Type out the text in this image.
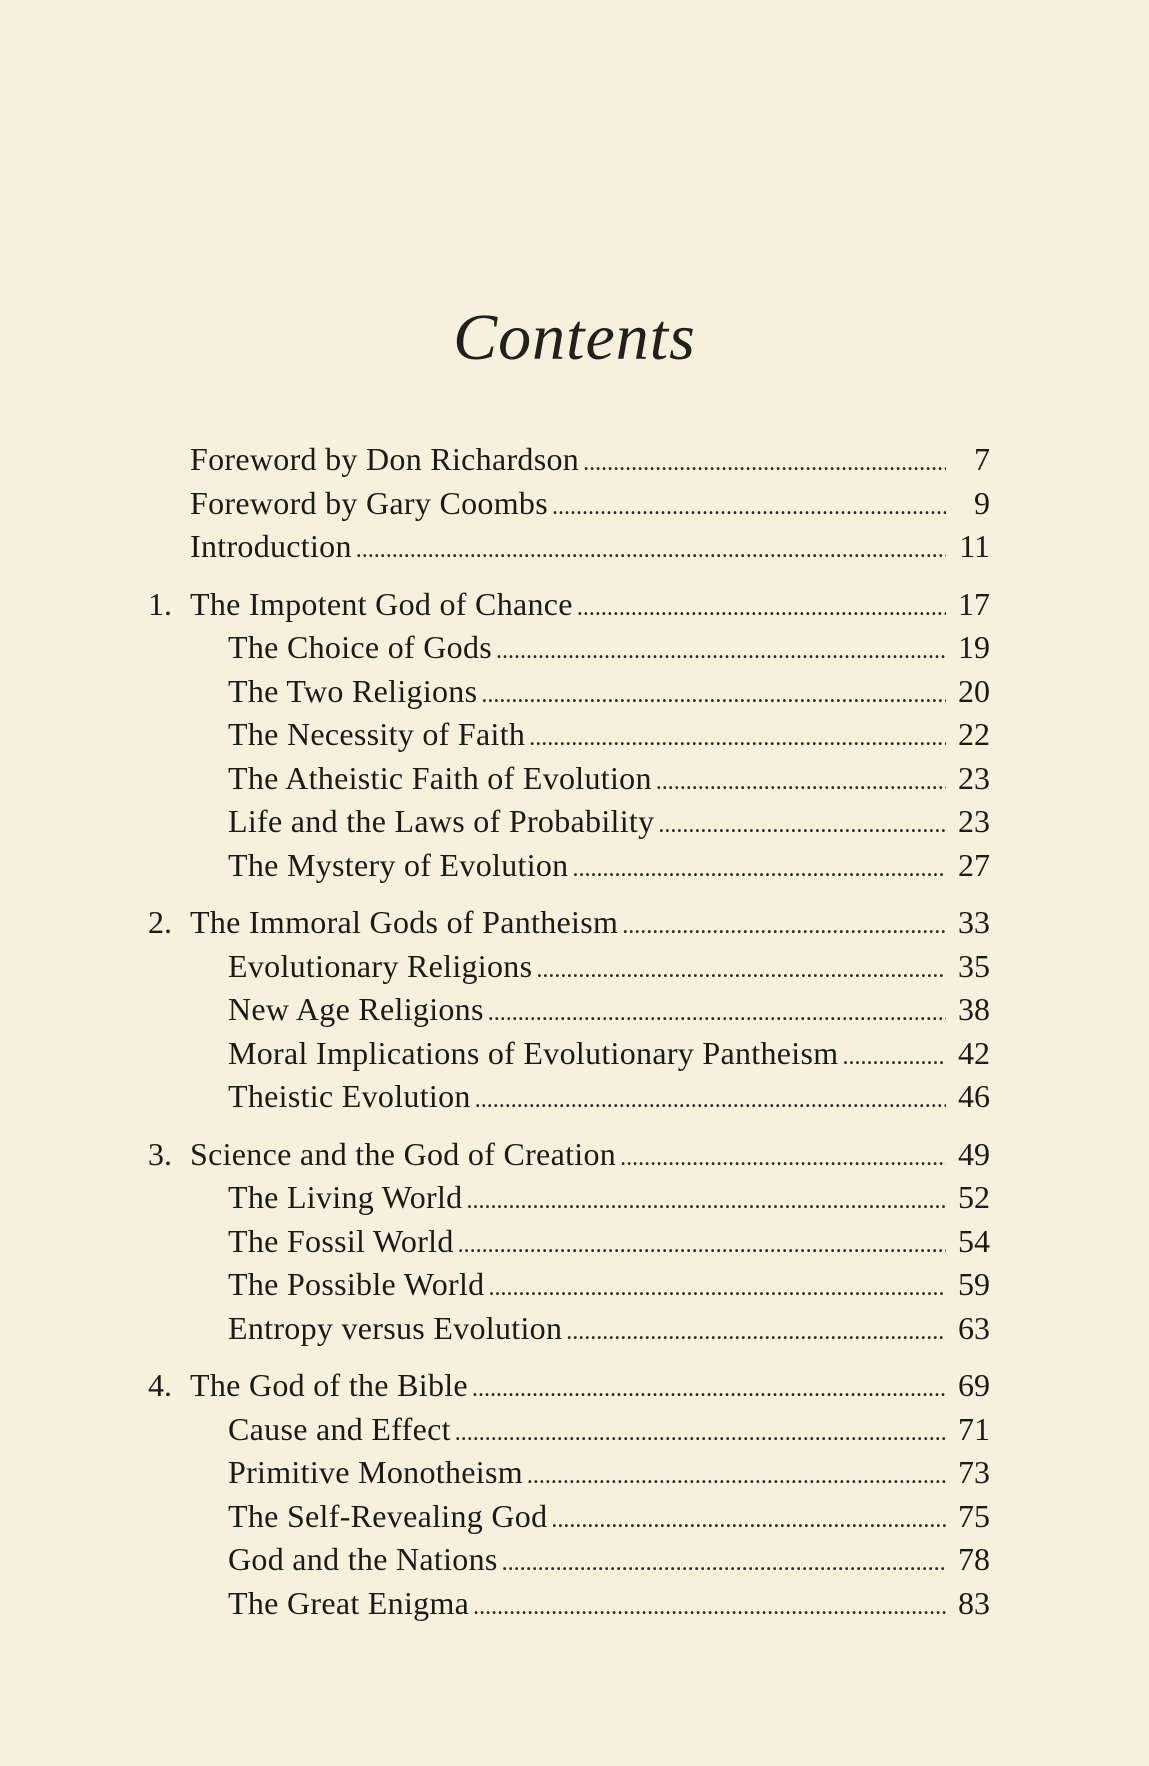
Contents
Foreword by Don Richardson . . .	7
Foreword by Gary Coombs . . .	9
Introduction . . .	11
1. The Impotent God of Chance . . .	17
The Choice of Gods . . .	19
The Two Religions . . .	20
The Necessity of Faith . . .	22
The Atheistic Faith of Evolution . . .	23
Life and the Laws of Probability . . .	23
The Mystery of Evolution . . .	27
2. The Immoral Gods of Pantheism . . .	33
Evolutionary Religions . . .	35
New Age Religions . . .	38
Moral Implications of Evolutionary Pantheism . . .	42
Theistic Evolution . . .	46
3. Science and the God of Creation . . .	49
The Living World . . .	52
The Fossil World . . .	54
The Possible World . . .	59
Entropy versus Evolution . . .	63
4. The God of the Bible . . .	69
Cause and Effect . . .	71
Primitive Monotheism . . .	73
The Self-Revealing God . . .	75
God and the Nations . . .	78
The Great Enigma . . .	83
